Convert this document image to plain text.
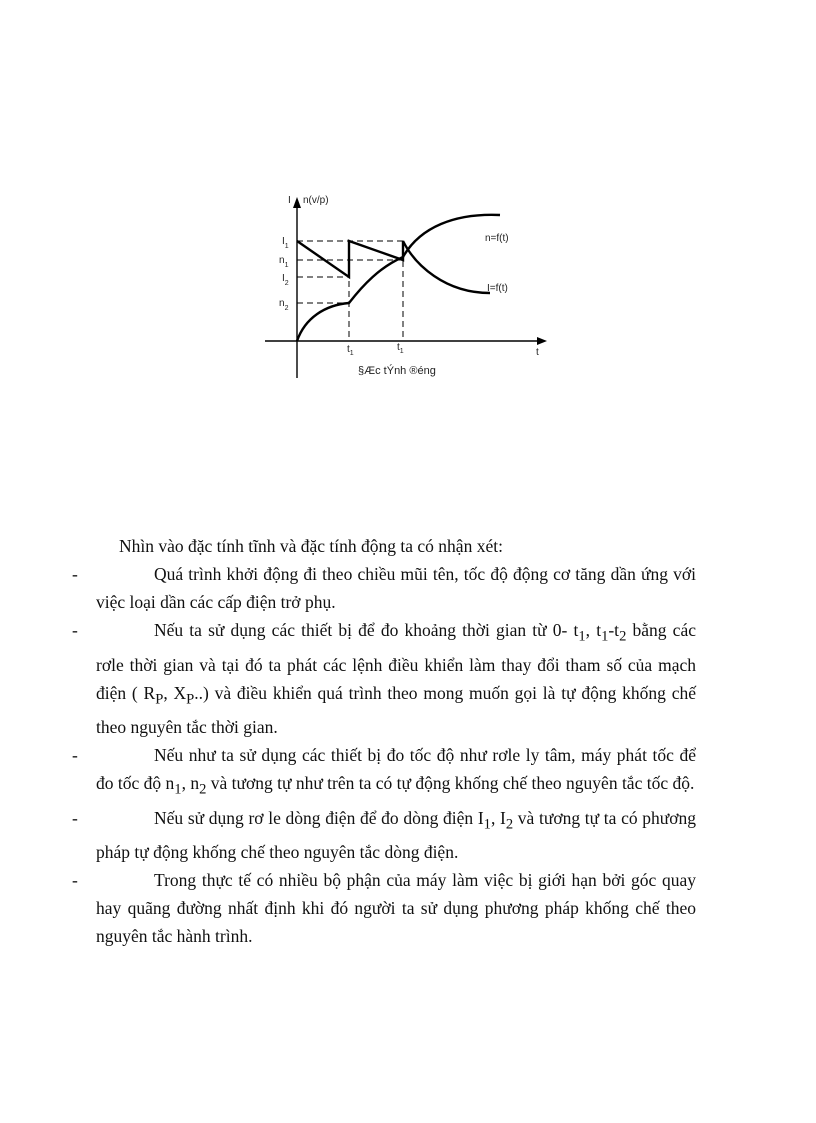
I n(v/p)
t
n=f(t)
I=f(t)
$I_1$
$n_1$
$I_2$
$n_2$
$t_1$
$t_1$
§Æc tÝnh ®éng

Nhìn vào đặc tính tĩnh và đặc tính động ta có nhận xét:

-	Quá trình khởi động đi theo chiều mũi tên, tốc độ động cơ tăng dần ứng với
việc loại dần các cấp điện trở phụ.

-	Nếu ta sử dụng các thiết bị để đo khoảng thời gian từ 0- $t_1$, $t_1-t_2$ bằng các rơle thời gian và tại đó ta phát các lệnh điều khiển làm thay đổi tham số của mạch điện ( $R_P$, $X_P$..) và điều khiển quá trình theo mong muốn gọi là tự động khống chế theo nguyên tắc thời gian.

-	Nếu như ta sử dụng các thiết bị đo tốc độ như rơle ly tâm, máy phát tốc để đo tốc độ $n_1$, $n_2$ và tương tự như trên ta có tự động khống chế theo nguyên tắc tốc độ.

-	Nếu sử dụng rơ le dòng điện để đo dòng điện $I_1$, $I_2$ và tương tự ta có phương pháp tự động khống chế theo nguyên tắc dòng điện.

-	Trong thực tế có nhiều bộ phận của máy làm việc bị giới hạn bởi góc quay hay quãng đường nhất định khi đó người ta sử dụng phương pháp khống chế theo nguyên tắc hành trình.
